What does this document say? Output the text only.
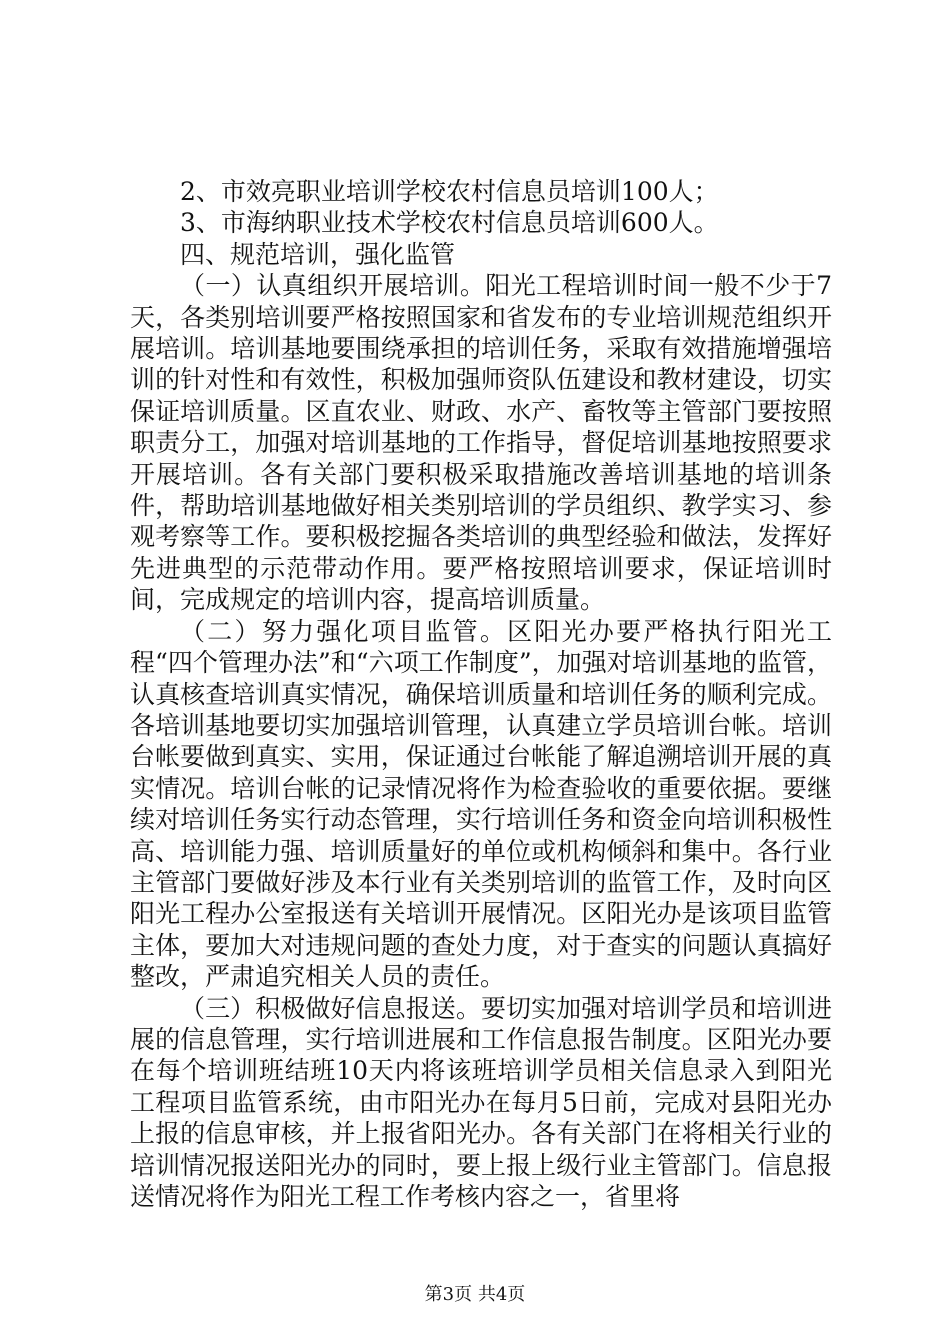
2、市效亮职业培训学校农村信息员培训100人；

3、市海纳职业技术学校农村信息员培训600人。

四、规范培训，强化监管

（一）认真组织开展培训。阳光工程培训时间一般不少于7天，各类别培训要严格按照国家和省发布的专业培训规范组织开展培训。培训基地要围绕承担的培训任务，采取有效措施增强培训的针对性和有效性，积极加强师资队伍建设和教材建设，切实保证培训质量。区直农业、财政、水产、畜牧等主管部门要按照职责分工，加强对培训基地的工作指导，督促培训基地按照要求开展培训。各有关部门要积极采取措施改善培训基地的培训条件，帮助培训基地做好相关类别培训的学员组织、教学实习、参观考察等工作。要积极挖掘各类培训的典型经验和做法，发挥好先进典型的示范带动作用。要严格按照培训要求，保证培训时间，完成规定的培训内容，提高培训质量。

（二）努力强化项目监管。区阳光办要严格执行阳光工程“四个管理办法”和“六项工作制度”，加强对培训基地的监管，认真核查培训真实情况，确保培训质量和培训任务的顺利完成。各培训基地要切实加强培训管理，认真建立学员培训台帐。培训台帐要做到真实、实用，保证通过台帐能了解追溯培训开展的真实情况。培训台帐的记录情况将作为检查验收的重要依据。要继续对培训任务实行动态管理，实行培训任务和资金向培训积极性高、培训能力强、培训质量好的单位或机构倾斜和集中。各行业主管部门要做好涉及本行业有关类别培训的监管工作，及时向区阳光工程办公室报送有关培训开展情况。区阳光办是该项目监管主体，要加大对违规问题的查处力度，对于查实的问题认真搞好整改，严肃追究相关人员的责任。

（三）积极做好信息报送。要切实加强对培训学员和培训进展的信息管理，实行培训进展和工作信息报告制度。区阳光办要在每个培训班结班10天内将该班培训学员相关信息录入到阳光工程项目监管系统，由市阳光办在每月5日前，完成对县阳光办上报的信息审核，并上报省阳光办。各有关部门在将相关行业的培训情况报送阳光办的同时，要上报上级行业主管部门。信息报送情况将作为阳光工程工作考核内容之一，省里将

第3页 共4页
